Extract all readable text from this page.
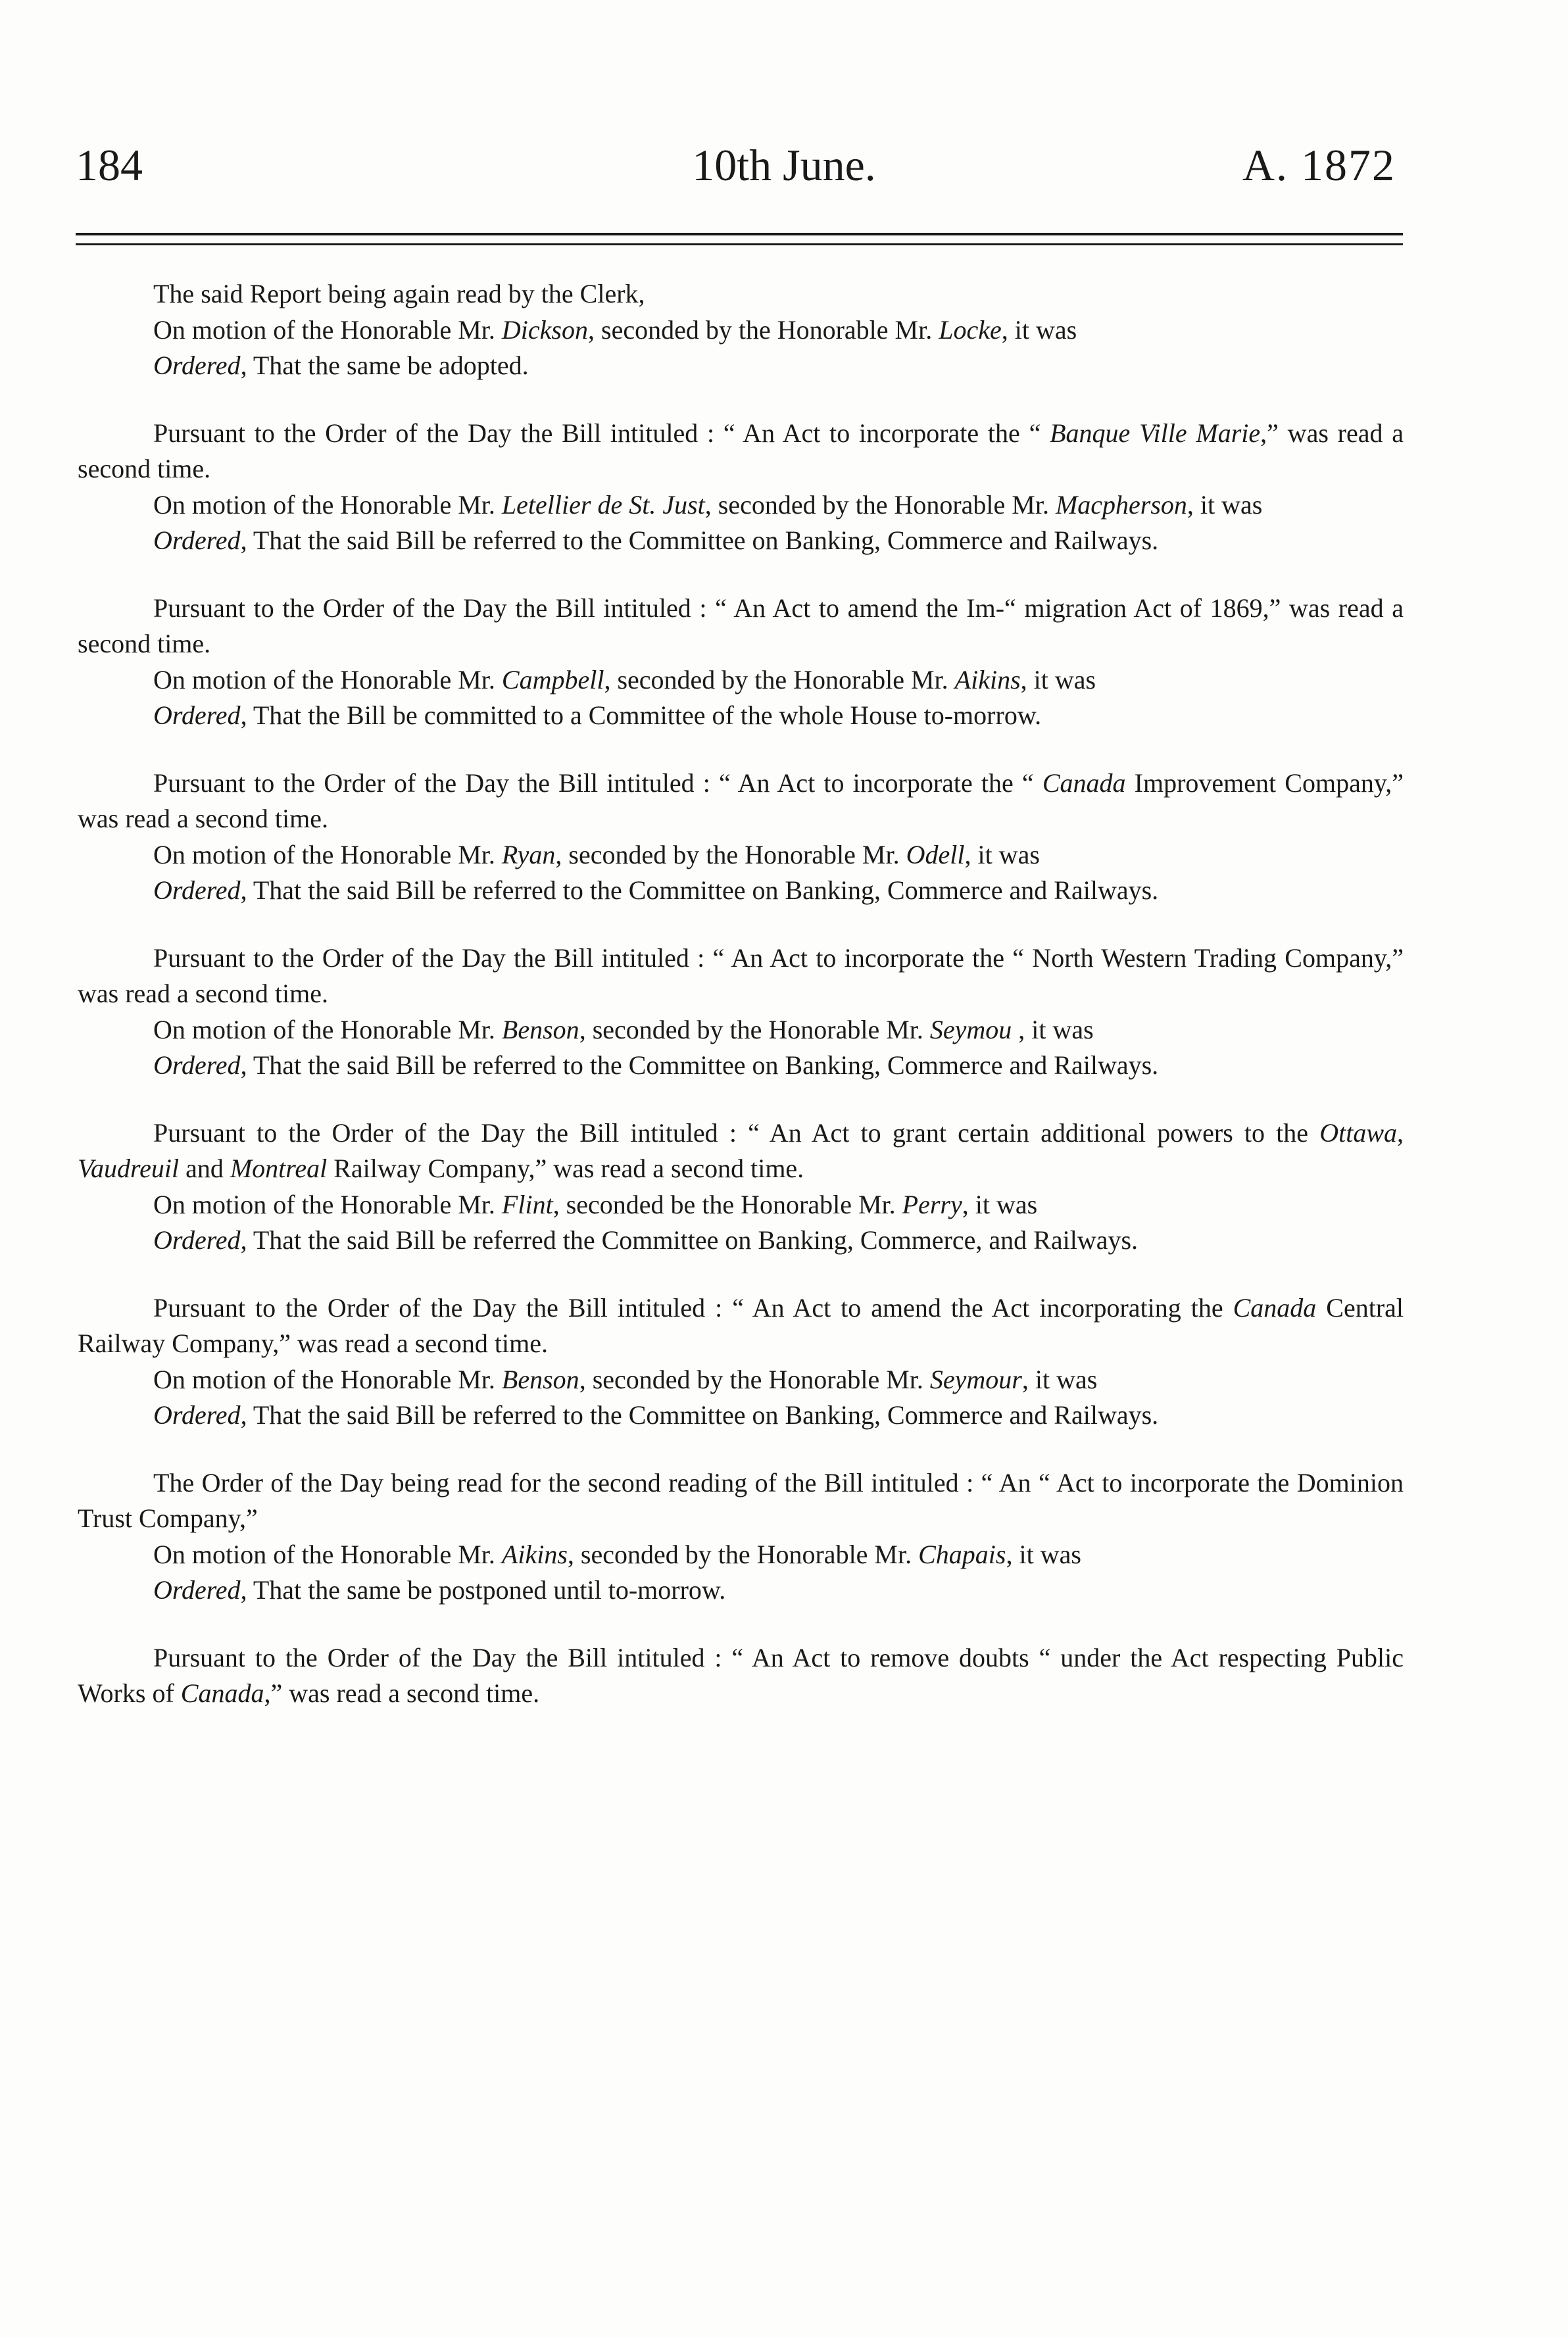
184	10th June.	A. 1872

The said Report being again read by the Clerk,

On motion of the Honorable Mr. Dickson, seconded by the Honorable Mr. Locke, it was

Ordered, That the same be adopted.

Pursuant to the Order of the Day the Bill intituled : “ An Act to incorporate the “ Banque Ville Marie,” was read a second time.

On motion of the Honorable Mr. Letellier de St. Just, seconded by the Honorable Mr. Macpherson, it was

Ordered, That the said Bill be referred to the Committee on Banking, Commerce and Railways.

Pursuant to the Order of the Day the Bill intituled : “ An Act to amend the Im-“ migration Act of 1869,” was read a second time.

On motion of the Honorable Mr. Campbell, seconded by the Honorable Mr. Aikins, it was

Ordered, That the Bill be committed to a Committee of the whole House to-morrow.

Pursuant to the Order of the Day the Bill intituled : “ An Act to incorporate the “ Canada Improvement Company,” was read a second time.

On motion of the Honorable Mr. Ryan, seconded by the Honorable Mr. Odell, it was

Ordered, That the said Bill be referred to the Committee on Banking, Commerce and Railways.

Pursuant to the Order of the Day the Bill intituled : “ An Act to incorporate the “ North Western Trading Company,” was read a second time.

On motion of the Honorable Mr. Benson, seconded by the Honorable Mr. Seymou , it was

Ordered, That the said Bill be referred to the Committee on Banking, Commerce and Railways.

Pursuant to the Order of the Day the Bill intituled : “ An Act to grant certain additional powers to the Ottawa, Vaudreuil and Montreal Railway Company,” was read a second time.

On motion of the Honorable Mr. Flint, seconded be the Honorable Mr. Perry, it was

Ordered, That the said Bill be referred the Committee on Banking, Commerce, and Railways.

Pursuant to the Order of the Day the Bill intituled : “ An Act to amend the Act incorporating the Canada Central Railway Company,” was read a second time.

On motion of the Honorable Mr. Benson, seconded by the Honorable Mr. Seymour, it was

Ordered, That the said Bill be referred to the Committee on Banking, Commerce and Railways.

The Order of the Day being read for the second reading of the Bill intituled : “ An “ Act to incorporate the Dominion Trust Company,”

On motion of the Honorable Mr. Aikins, seconded by the Honorable Mr. Chapais, it was

Ordered, That the same be postponed until to-morrow.

Pursuant to the Order of the Day the Bill intituled : “ An Act to remove doubts “ under the Act respecting Public Works of Canada,” was read a second time.
